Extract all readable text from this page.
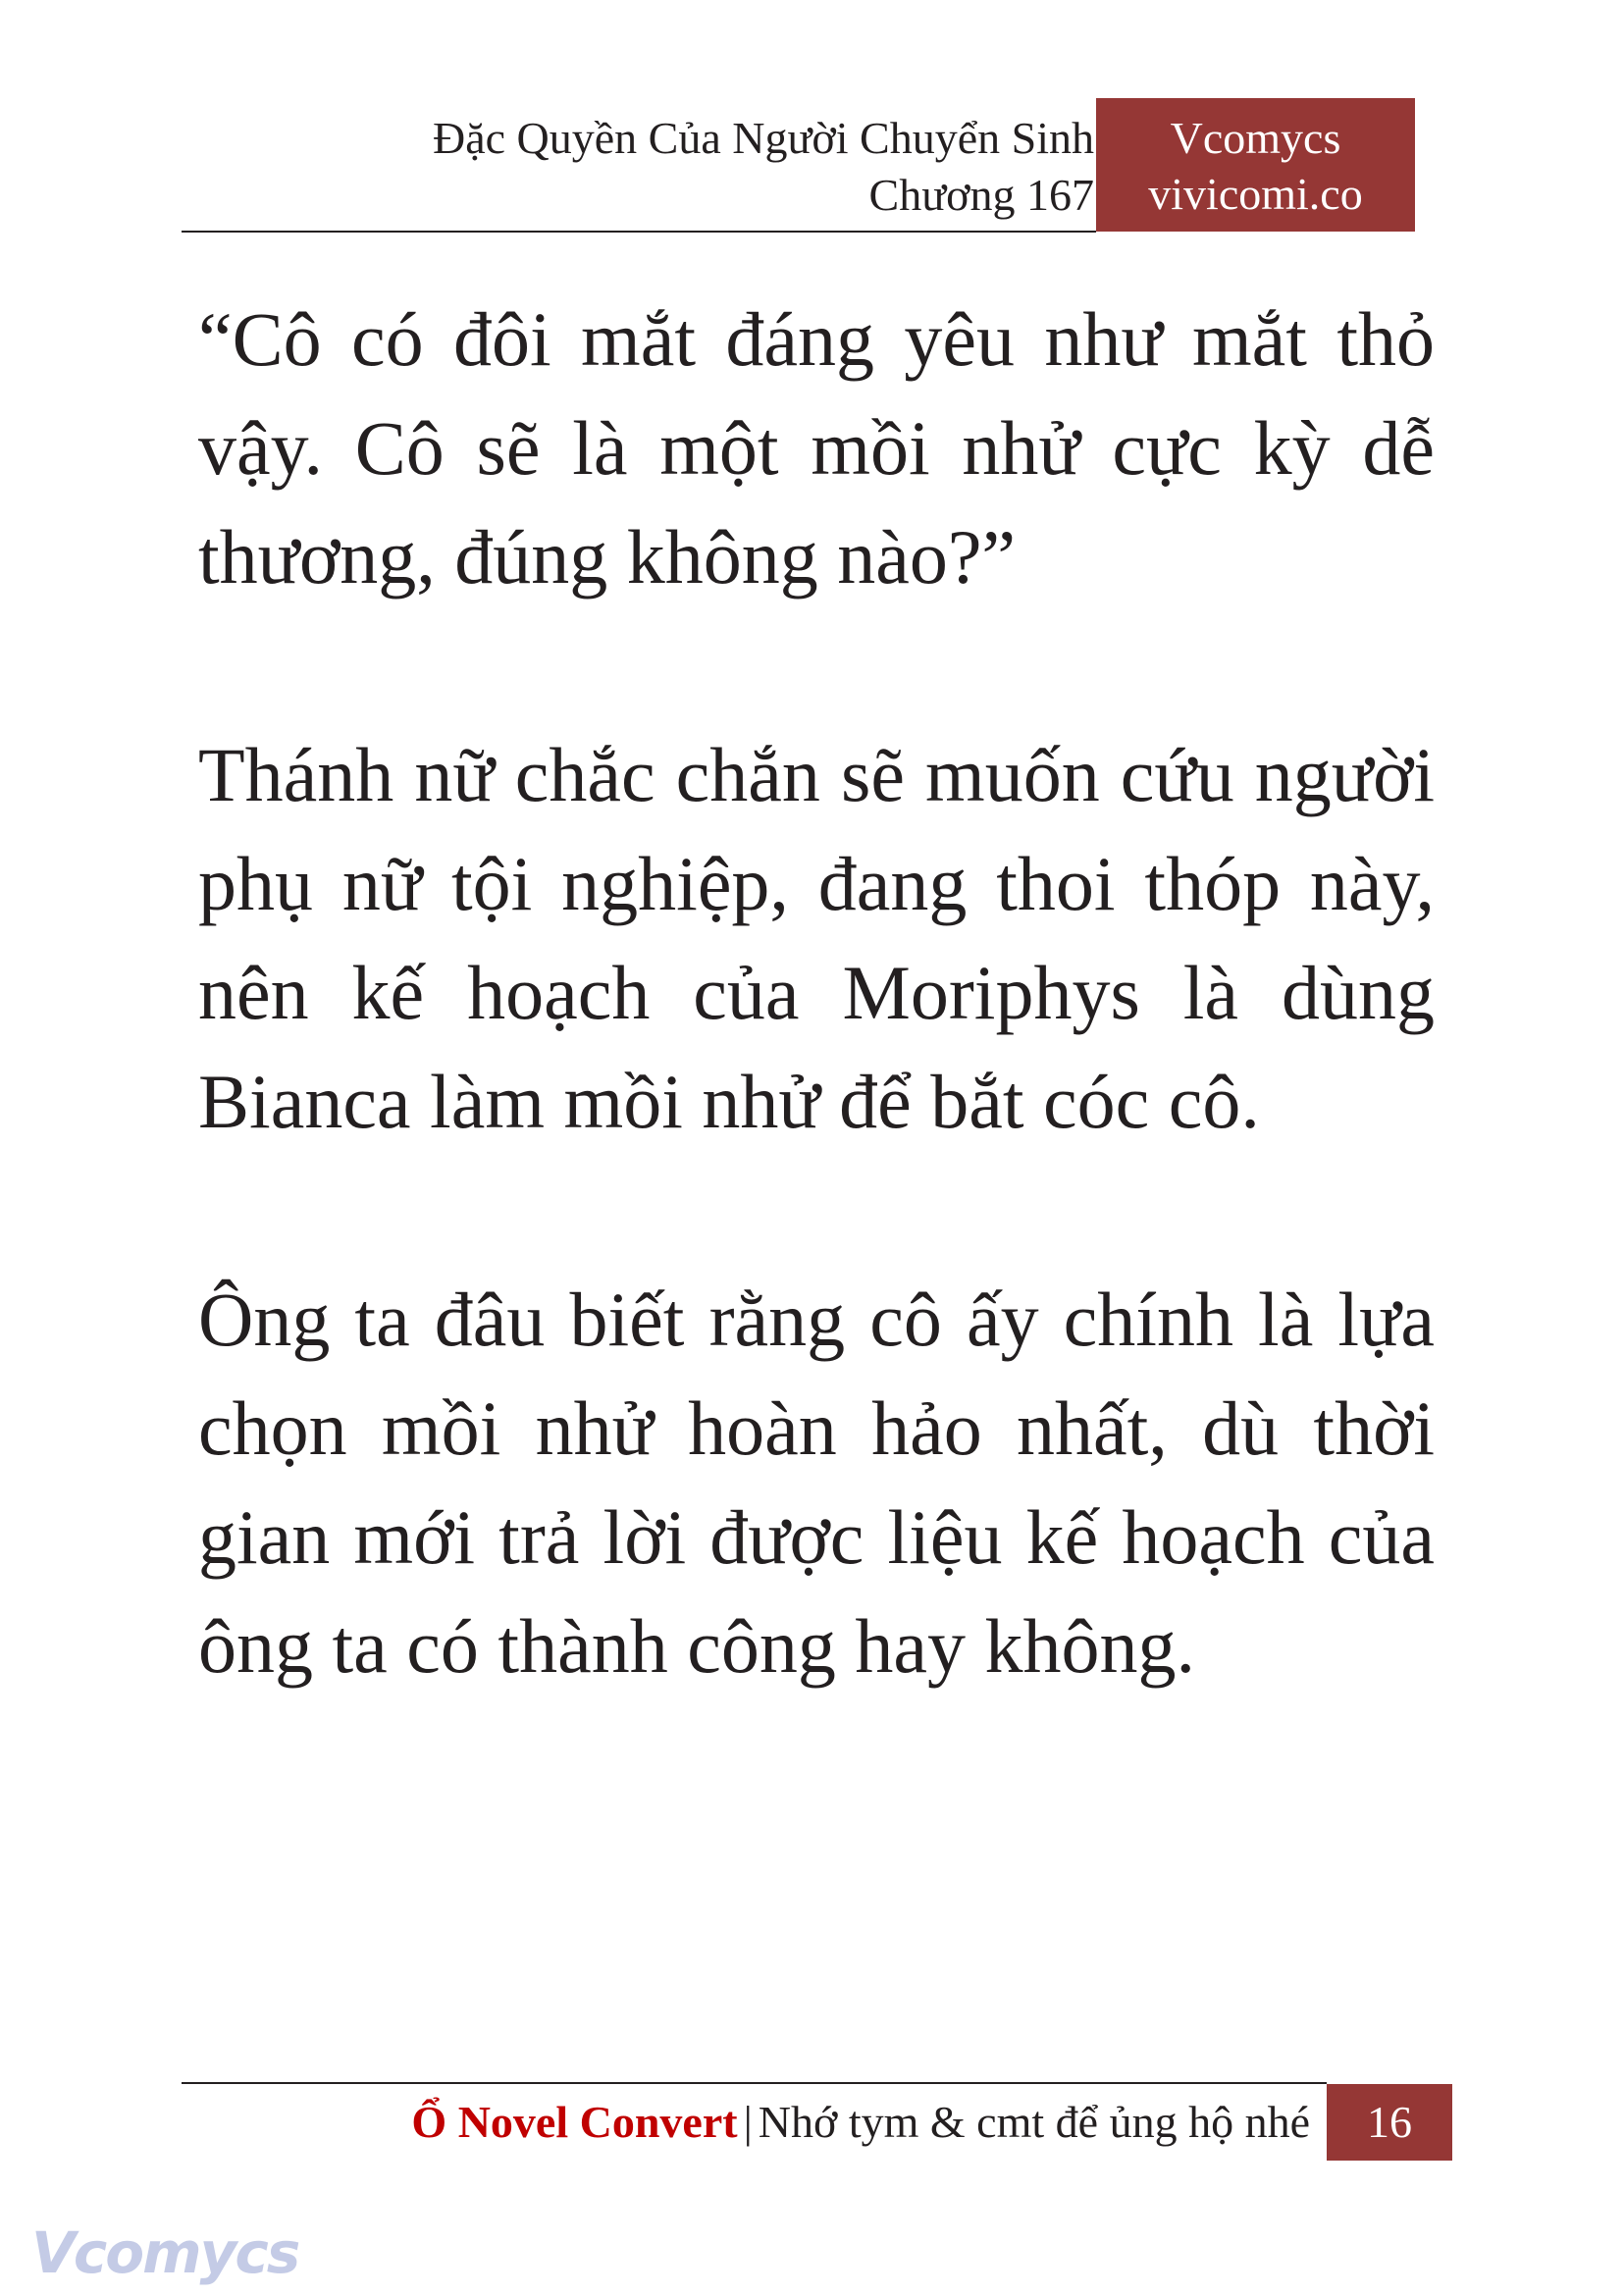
Đặc Quyền Của Người Chuyển Sinh
Chương 167
Vcomycs
vivicomi.co

“Cô có đôi mắt đáng yêu như mắt thỏ vậy. Cô sẽ là một mồi nhử cực kỳ dễ thương, đúng không nào?”

Thánh nữ chắc chắn sẽ muốn cứu người phụ nữ tội nghiệp, đang thoi thóp này, nên kế hoạch của Moriphys là dùng Bianca làm mồi nhử để bắt cóc cô.

Ông ta đâu biết rằng cô ấy chính là lựa chọn mồi nhử hoàn hảo nhất, dù thời gian mới trả lời được liệu kế hoạch của ông ta có thành công hay không.

Ổ Novel Convert | Nhớ tym & cmt để ủng hộ nhé	16
Vcomycs
